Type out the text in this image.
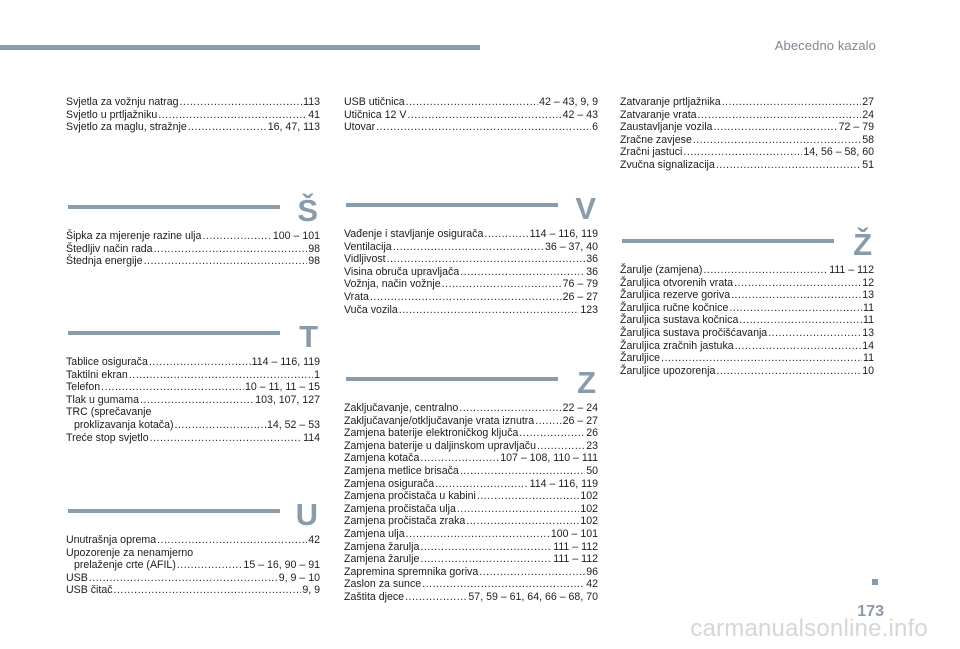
Abecedno kazalo
Svjetla za vožnju natrag .....	113
Svjetlo u prtljažniku .....	41
Svjetlo za maglu, stražnje .....	16, 47, 113
Š
Šipka za mjerenje razine ulja .....	100 – 101
Štedljiv način rada .....	98
Štednja energije .....	98
T
Tablice osigurača .....	114 – 116, 119
Taktilni ekran .....	1
Telefon .....	10 – 11, 11 – 15
Tlak u gumama .....	103, 107, 127
TRC (sprečavanje
proklizavanja kotača) .....	14, 52 – 53
Treće stop svjetlo .....	114
U
Unutrašnja oprema .....	42
Upozorenje za nenamjerno
prelaženje crte (AFIL) .....	15 – 16, 90 – 91
USB .....	9, 9 – 10
USB čitač .....	9, 9
USB utičnica .....	42 – 43, 9, 9
Utičnica 12 V .....	42 – 43
Utovar .....	6
V
Vađenje i stavljanje osigurača .....	114 – 116, 119
Ventilacija .....	36 – 37, 40
Vidljivost .....	36
Visina obruča upravljača .....	36
Vožnja, način vožnje .....	76 – 79
Vrata .....	26 – 27
Vuča vozila .....	123
Z
Zaključavanje, centralno .....	22 – 24
Zaključavanje/otključavanje vrata iznutra .....	26 – 27
Zamjena baterije elektroničkog ključa .....	26
Zamjena baterije u daljinskom upravljaču .....	23
Zamjena kotača .....	107 – 108, 110 – 111
Zamjena metlice brisača .....	50
Zamjena osigurača .....	114 – 116, 119
Zamjena pročistača u kabini .....	102
Zamjena pročistača ulja .....	102
Zamjena pročistača zraka .....	102
Zamjena ulja .....	100 – 101
Zamjena žarulja .....	111 – 112
Zamjena žarulje .....	111 – 112
Zapremina spremnika goriva .....	96
Zaslon za sunce .....	42
Zaštita djece .....	57, 59 – 61, 64, 66 – 68, 70
Zatvaranje prtljažnika .....	27
Zatvaranje vrata .....	24
Zaustavljanje vozila .....	72 – 79
Zračne zavjese .....	58
Zračni jastuci .....	14, 56 – 58, 60
Zvučna signalizacija .....	51
Ž
Žarulje (zamjena) .....	111 – 112
Žaruljica otvorenih vrata .....	12
Žaruljica rezerve goriva .....	13
Žaruljica ručne kočnice .....	11
Žaruljica sustava kočnica .....	11
Žaruljica sustava pročišćavanja .....	13
Žaruljica zračnih jastuka .....	14
Žaruljice .....	11
Žaruljice upozorenja .....	10
173
carmanualsonline.info
